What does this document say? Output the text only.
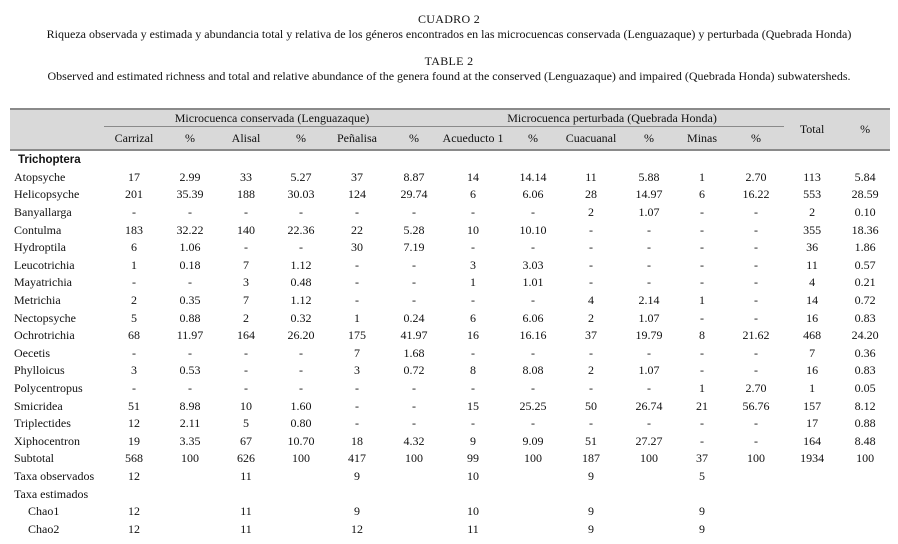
CUADRO 2
Riqueza observada y estimada y abundancia total y relativa de los géneros encontrados en las microcuencas conservada (Lenguazaque) y perturbada (Quebrada Honda)
TABLE 2
Observed and estimated richness and total and relative abundance of the genera found at the conserved (Lenguazaque) and impaired (Quebrada Honda) subwatersheds.
	Microcuenca conservada (Lenguazaque)						Microcuenca perturbada (Quebrada Honda)						Total	%
	Carrizal	%	Alisal	%	Peñalisa	%	Acueducto 1	%	Cuacuanal	%	Minas	%		
Trichoptera														
Atopsyche	17	2.99	33	5.27	37	8.87	14	14.14	11	5.88	1	2.70	113	5.84
Helicopsyche	201	35.39	188	30.03	124	29.74	6	6.06	28	14.97	6	16.22	553	28.59
Banyallarga	-	-	-	-	-	-	-	-	2	1.07	-	-	2	0.10
Contulma	183	32.22	140	22.36	22	5.28	10	10.10	-	-	-	-	355	18.36
Hydroptila	6	1.06	-	-	30	7.19	-	-	-	-	-	-	36	1.86
Leucotrichia	1	0.18	7	1.12	-	-	3	3.03	-	-	-	-	11	0.57
Mayatrichia	-	-	3	0.48	-	-	1	1.01	-	-	-	-	4	0.21
Metrichia	2	0.35	7	1.12	-	-	-	-	4	2.14	1	-	14	0.72
Nectopsyche	5	0.88	2	0.32	1	0.24	6	6.06	2	1.07	-	-	16	0.83
Ochrotrichia	68	11.97	164	26.20	175	41.97	16	16.16	37	19.79	8	21.62	468	24.20
Oecetis	-	-	-	-	7	1.68	-	-	-	-	-	-	7	0.36
Phylloicus	3	0.53	-	-	3	0.72	8	8.08	2	1.07	-	-	16	0.83
Polycentropus	-	-	-	-	-	-	-	-	-	-	1	2.70	1	0.05
Smicridea	51	8.98	10	1.60	-	-	15	25.25	50	26.74	21	56.76	157	8.12
Triplectides	12	2.11	5	0.80	-	-	-	-	-	-	-	-	17	0.88
Xiphocentron	19	3.35	67	10.70	18	4.32	9	9.09	51	27.27	-	-	164	8.48
Subtotal	568	100	626	100	417	100	99	100	187	100	37	100	1934	100
Taxa observados	12		11		9		10		9		5			
Taxa estimados														
Chao1	12		11		9		10		9		9			
Chao2	12		11		12		11		9		9			
